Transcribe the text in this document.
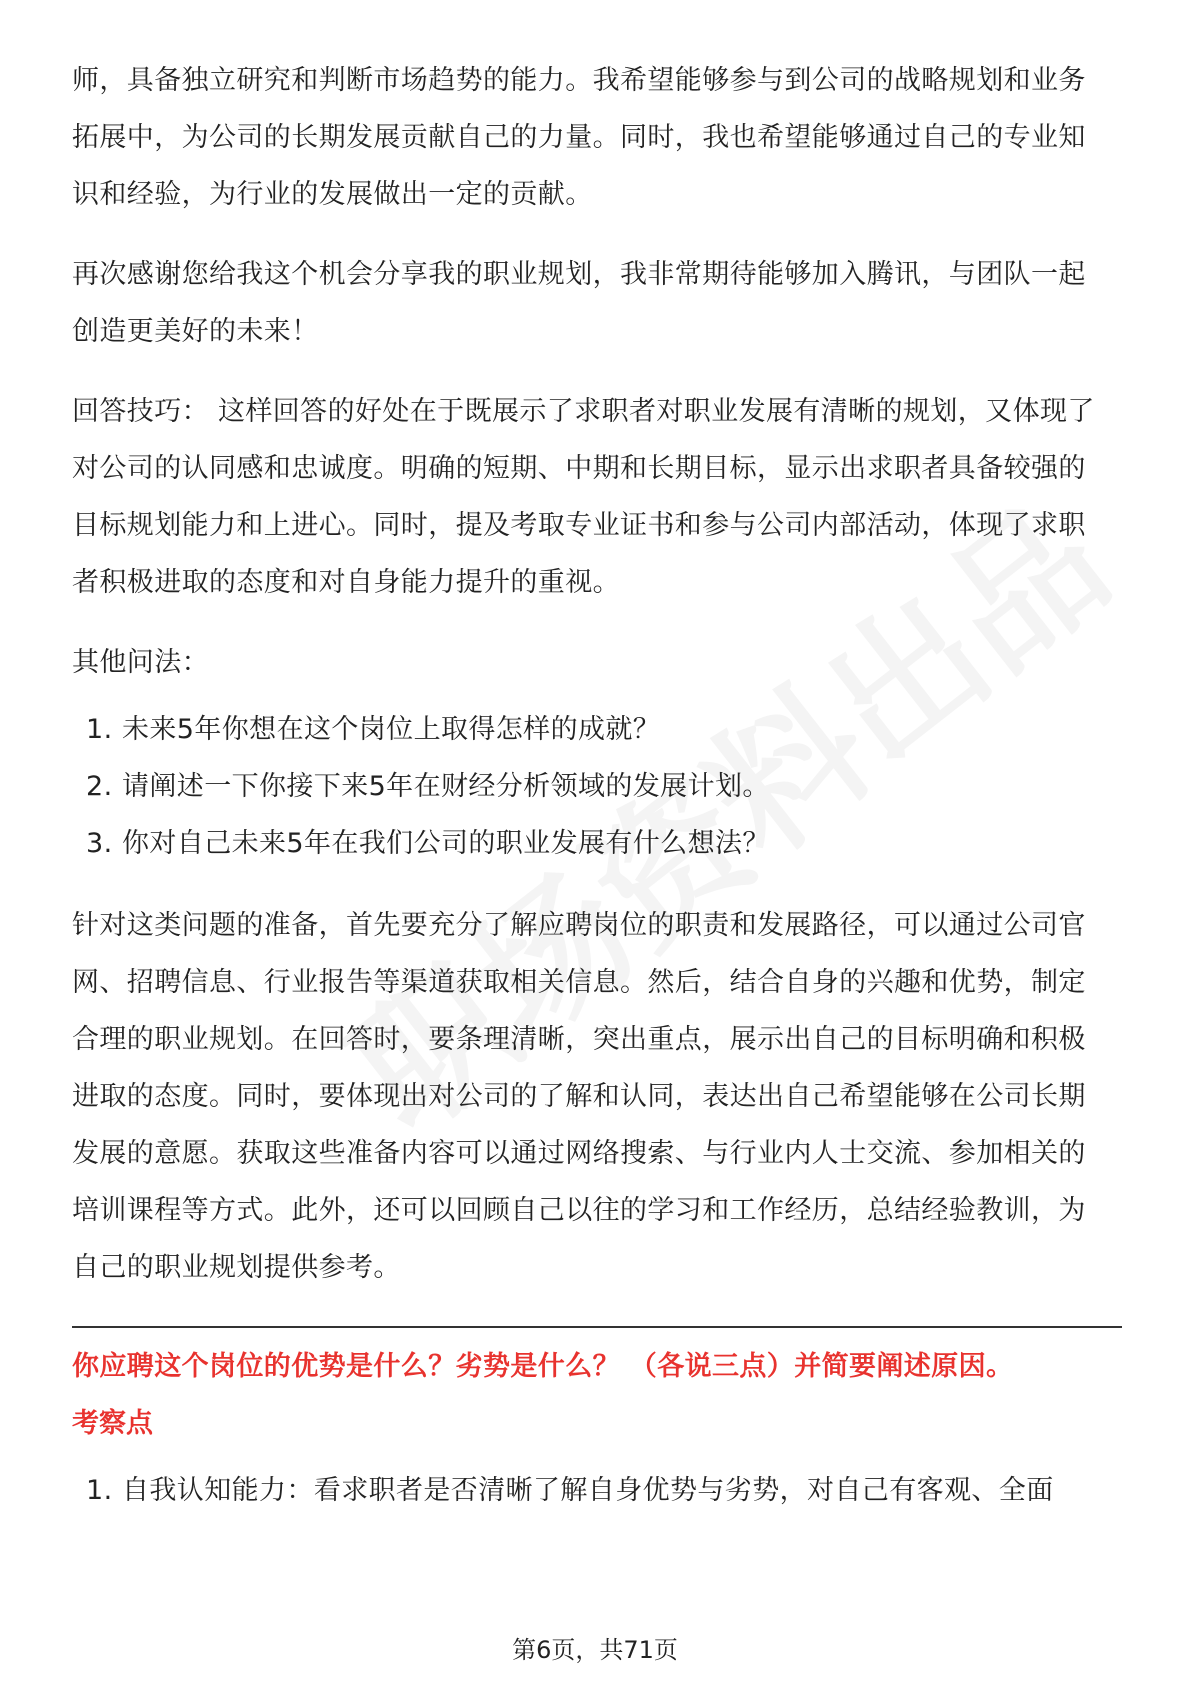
师，具备独立研究和判断市场趋势的能力。我希望能够参与到公司的战略规划和业务拓展中，为公司的长期发展贡献自己的力量。同时，我也希望能够通过自己的专业知识和经验，为行业的发展做出一定的贡献。

再次感谢您给我这个机会分享我的职业规划，我非常期待能够加入腾讯，与团队一起创造更美好的未来！

回答技巧： 这样回答的好处在于既展示了求职者对职业发展有清晰的规划，又体现了对公司的认同感和忠诚度。明确的短期、中期和长期目标，显示出求职者具备较强的目标规划能力和上进心。同时，提及考取专业证书和参与公司内部活动，体现了求职者积极进取的态度和对自身能力提升的重视。

其他问法：

1. 未来5年你想在这个岗位上取得怎样的成就？
2. 请阐述一下你接下来5年在财经分析领域的发展计划。
3. 你对自己未来5年在我们公司的职业发展有什么想法？

针对这类问题的准备，首先要充分了解应聘岗位的职责和发展路径，可以通过公司官网、招聘信息、行业报告等渠道获取相关信息。然后，结合自身的兴趣和优势，制定合理的职业规划。在回答时，要条理清晰，突出重点，展示出自己的目标明确和积极进取的态度。同时，要体现出对公司的了解和认同，表达出自己希望能够在公司长期发展的意愿。获取这些准备内容可以通过网络搜索、与行业内人士交流、参加相关的培训课程等方式。此外，还可以回顾自己以往的学习和工作经历，总结经验教训，为自己的职业规划提供参考。

你应聘这个岗位的优势是什么？劣势是什么？ （各说三点）并简要阐述原因。

考察点

1. 自我认知能力：看求职者是否清晰了解自身优势与劣势，对自己有客观、全面
第6页，共71页
